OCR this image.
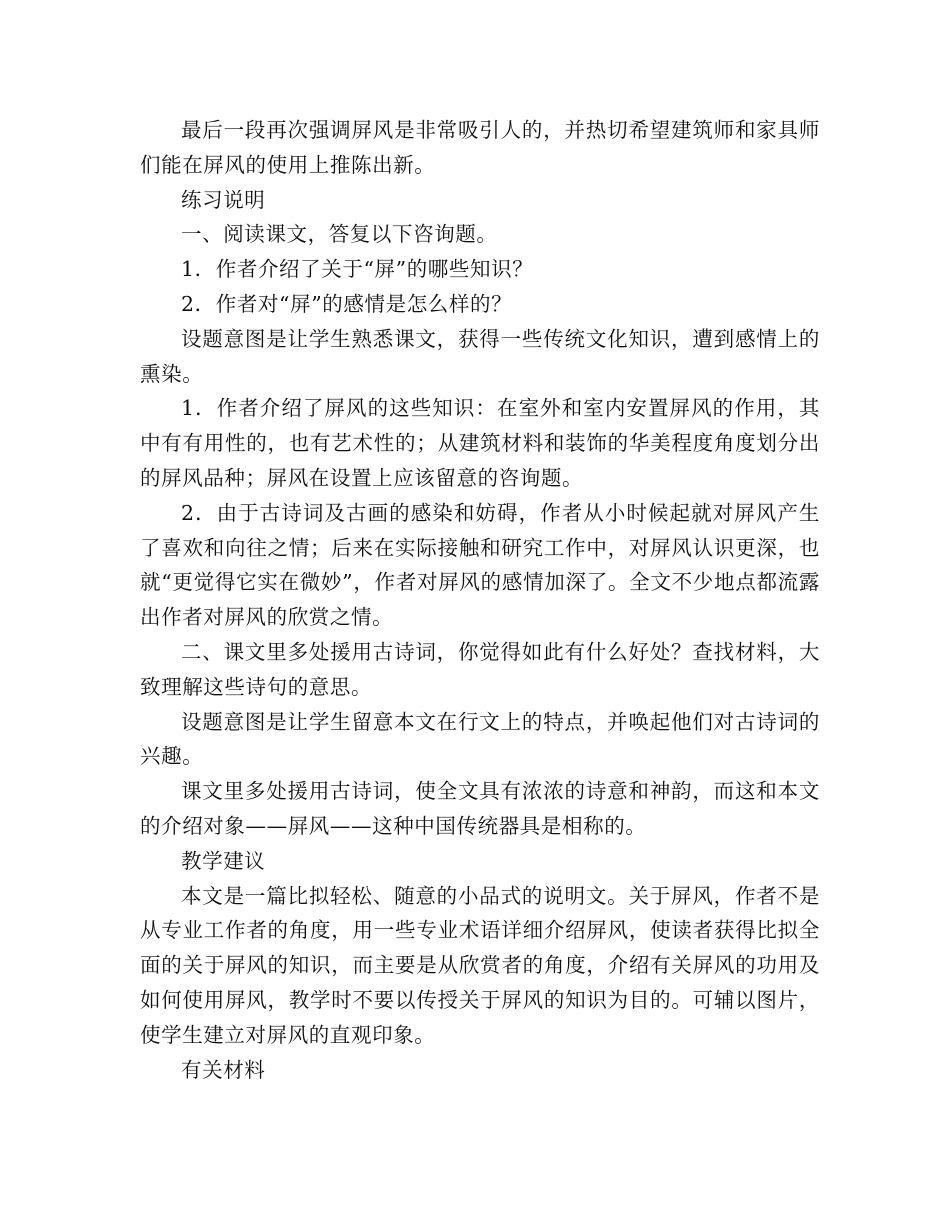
最后一段再次强调屏风是非常吸引人的，并热切希望建筑师和家具师们能在屏风的使用上推陈出新。

练习说明

一、阅读课文，答复以下咨询题。

1．作者介绍了关于“屏”的哪些知识？

2．作者对“屏”的感情是怎么样的？

设题意图是让学生熟悉课文，获得一些传统文化知识，遭到感情上的熏染。

1．作者介绍了屏风的这些知识：在室外和室内安置屏风的作用，其中有有用性的，也有艺术性的；从建筑材料和装饰的华美程度角度划分出的屏风品种；屏风在设置上应该留意的咨询题。

2．由于古诗词及古画的感染和妨碍，作者从小时候起就对屏风产生了喜欢和向往之情；后来在实际接触和研究工作中，对屏风认识更深，也就“更觉得它实在微妙”，作者对屏风的感情加深了。全文不少地点都流露出作者对屏风的欣赏之情。

二、课文里多处援用古诗词，你觉得如此有什么好处？查找材料，大致理解这些诗句的意思。

设题意图是让学生留意本文在行文上的特点，并唤起他们对古诗词的兴趣。

课文里多处援用古诗词，使全文具有浓浓的诗意和神韵，而这和本文的介绍对象——屏风——这种中国传统器具是相称的。

教学建议

本文是一篇比拟轻松、随意的小品式的说明文。关于屏风，作者不是从专业工作者的角度，用一些专业术语详细介绍屏风，使读者获得比拟全面的关于屏风的知识，而主要是从欣赏者的角度，介绍有关屏风的功用及如何使用屏风，教学时不要以传授关于屏风的知识为目的。可辅以图片，使学生建立对屏风的直观印象。

有关材料
